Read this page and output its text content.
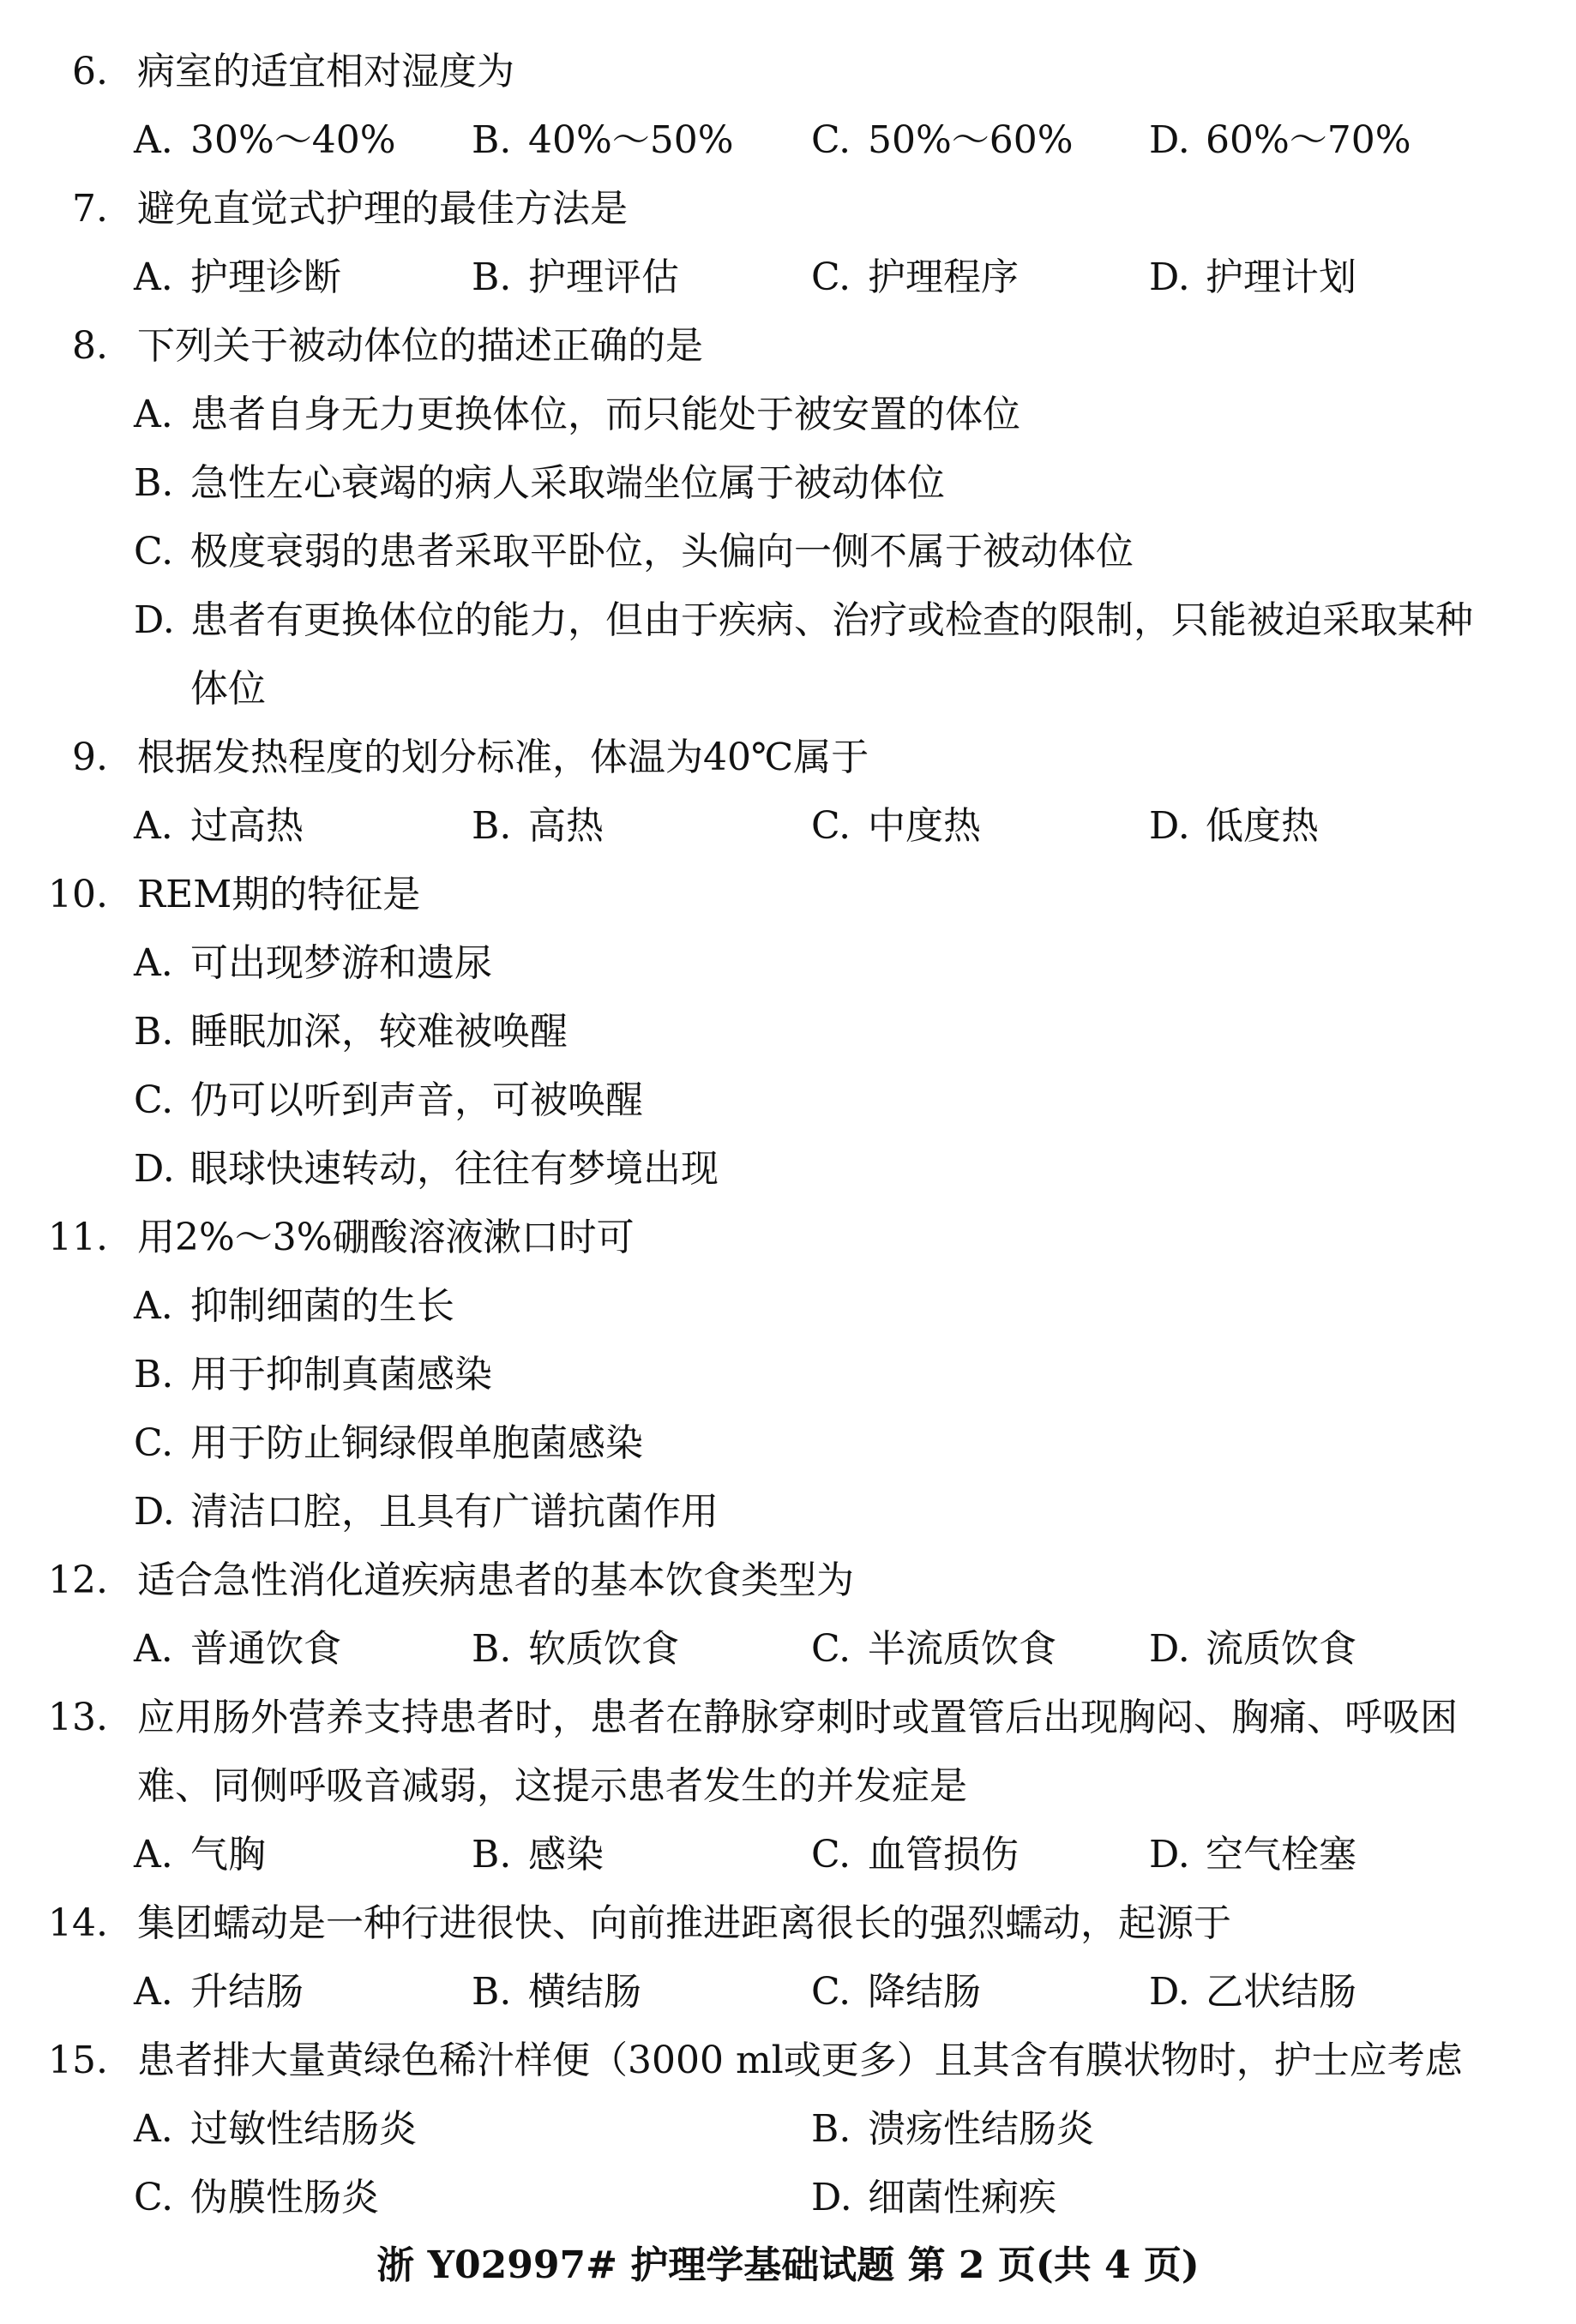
6. 病室的适宜相对湿度为
A. 30%～40% B. 40%～50% C. 50%～60% D. 60%～70%
7. 避免直觉式护理的最佳方法是
A. 护理诊断	B. 护理评估	C. 护理程序	D. 护理计划
8. 下列关于被动体位的描述正确的是
A. 患者自身无力更换体位，而只能处于被安置的体位
B. 急性左心衰竭的病人采取端坐位属于被动体位
C. 极度衰弱的患者采取平卧位，头偏向一侧不属于被动体位
D. 患者有更换体位的能力，但由于疾病、治疗或检查的限制，只能被迫采取某种
体位
9. 根据发热程度的划分标准，体温为40℃属于
A. 过高热	B. 高热	C. 中度热	D. 低度热
10. REM期的特征是
A. 可出现梦游和遗尿
B. 睡眠加深，较难被唤醒
C. 仍可以听到声音，可被唤醒
D. 眼球快速转动，往往有梦境出现
11. 用2%～3%硼酸溶液漱口时可
A. 抑制细菌的生长
B. 用于抑制真菌感染
C. 用于防止铜绿假单胞菌感染
D. 清洁口腔，且具有广谱抗菌作用
12. 适合急性消化道疾病患者的基本饮食类型为
A. 普通饮食	B. 软质饮食	C. 半流质饮食 D. 流质饮食
13. 应用肠外营养支持患者时，患者在静脉穿刺时或置管后出现胸闷、胸痛、呼吸困
难、同侧呼吸音减弱，这提示患者发生的并发症是
A. 气胸	B. 感染	C. 血管损伤	D. 空气栓塞
14. 集团蠕动是一种行进很快、向前推进距离很长的强烈蠕动，起源于
A. 升结肠	B. 横结肠	C. 降结肠	D. 乙状结肠
15. 患者排大量黄绿色稀汁样便（3000 ml或更多）且其含有膜状物时，护士应考虑
A. 过敏性结肠炎	B. 溃疡性结肠炎
C. 伪膜性肠炎	D. 细菌性痢疾
浙 Y02997# 护理学基础试题 第 2 页(共 4 页)
